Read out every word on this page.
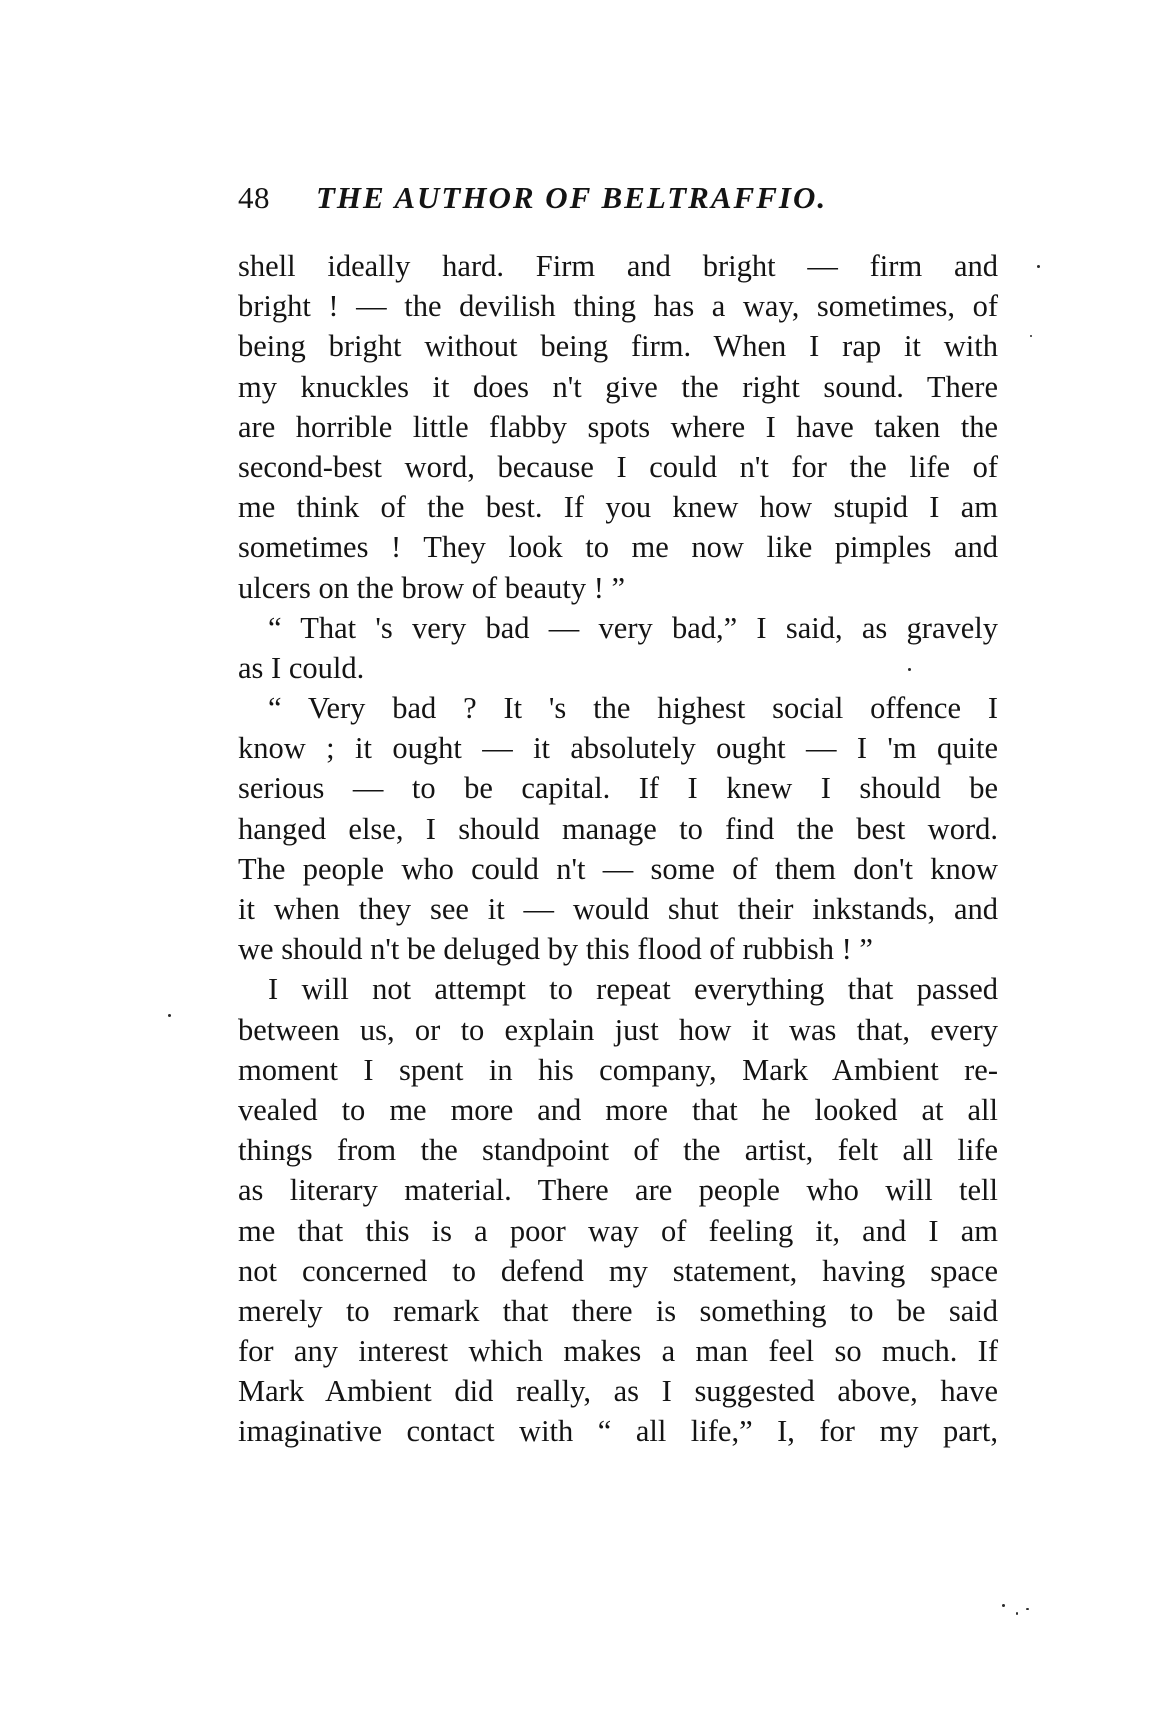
48 THE AUTHOR OF BELTRAFFIO.
shell ideally hard. Firm and bright — firm and
bright ! — the devilish thing has a way, sometimes, of
being bright without being firm. When I rap it with
my knuckles it does n't give the right sound. There
are horrible little flabby spots where I have taken the
second-best word, because I could n't for the life of
me think of the best. If you knew how stupid I am
sometimes ! They look to me now like pimples and
ulcers on the brow of beauty ! ”
“ That 's very bad — very bad,” I said, as gravely
as I could.
“ Very bad ? It 's the highest social offence I
know ; it ought — it absolutely ought — I 'm quite
serious — to be capital. If I knew I should be
hanged else, I should manage to find the best word.
The people who could n't — some of them don't know
it when they see it — would shut their inkstands, and
we should n't be deluged by this flood of rubbish ! ”
I will not attempt to repeat everything that passed
between us, or to explain just how it was that, every
moment I spent in his company, Mark Ambient re-
vealed to me more and more that he looked at all
things from the standpoint of the artist, felt all life
as literary material. There are people who will tell
me that this is a poor way of feeling it, and I am
not concerned to defend my statement, having space
merely to remark that there is something to be said
for any interest which makes a man feel so much. If
Mark Ambient did really, as I suggested above, have
imaginative contact with “ all life,” I, for my part,
